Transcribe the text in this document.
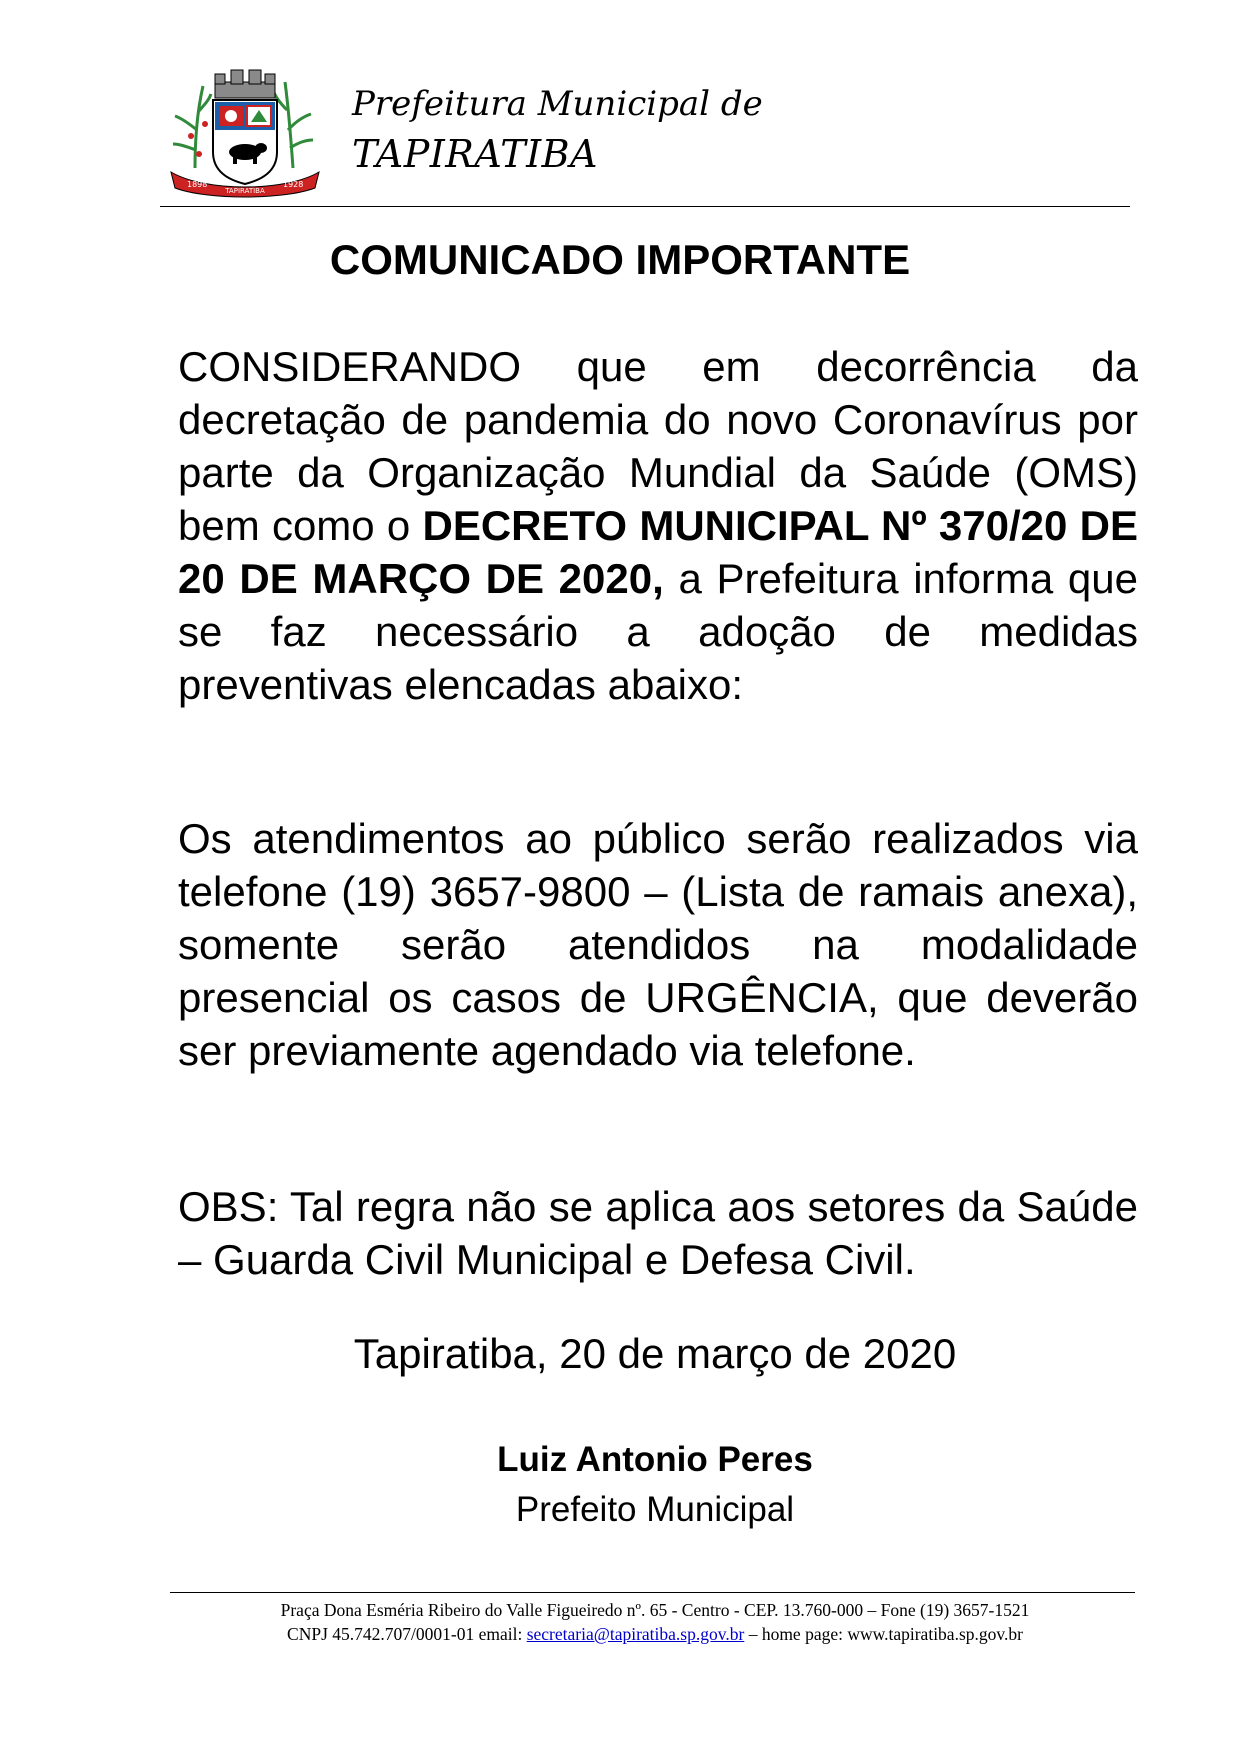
1898
TAPIRATIBA
1928
Prefeitura Municipal de
TAPIRATIBA
COMUNICADO IMPORTANTE
CONSIDERANDO que em decorrência da decretação de pandemia do novo Coronavírus por parte da Organização Mundial da Saúde (OMS) bem como o DECRETO MUNICIPAL Nº 370/20 DE 20 DE MARÇO DE 2020, a Prefeitura informa que se faz necessário a adoção de medidas preventivas elencadas abaixo:
Os atendimentos ao público serão realizados via telefone (19) 3657-9800 – (Lista de ramais anexa), somente serão atendidos na modalidade presencial os casos de URGÊNCIA, que deverão ser previamente agendado via telefone.
OBS: Tal regra não se aplica aos setores da Saúde – Guarda Civil Municipal e Defesa Civil.
Tapiratiba, 20 de março de 2020
Luiz Antonio Peres
Prefeito Municipal
Praça Dona Esméria Ribeiro do Valle Figueiredo nº. 65 - Centro - CEP. 13.760-000 – Fone (19) 3657-1521
CNPJ 45.742.707/0001-01 email: secretaria@tapiratiba.sp.gov.br – home page: www.tapiratiba.sp.gov.br
